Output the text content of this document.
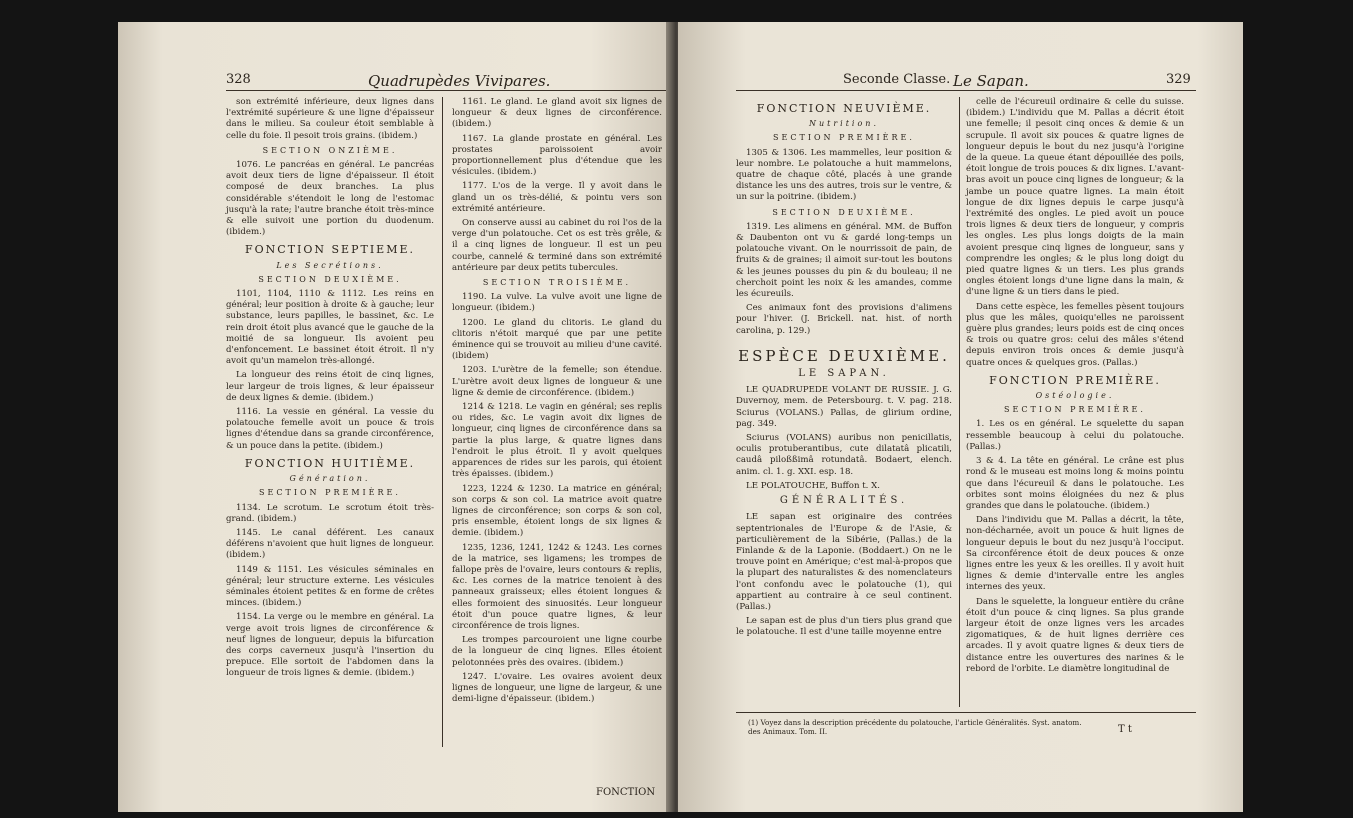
328	Quadrupèdes Vivipares.

son extrémité inférieure, deux lignes dans l'extrémité supérieure & une ligne d'épaisseur dans le milieu. Sa couleur étoit semblable à celle du foie. Il pesoit trois grains. (ibidem.)

SECTION ONZIÈME.

1076. Le pancréas en général. Le pancréas avoit deux tiers de ligne d'épaisseur. Il étoit composé de deux branches. La plus considérable s'étendoit le long de l'estomac jusqu'à la rate; l'autre branche étoit très-mince & elle suivoit une portion du duodenum. (ibidem.)

FONCTION SEPTIEME.
Les Secrétions.
SECTION DEUXIÈME.

1101, 1104, 1110 & 1112. Les reins en général; leur position à droite & à gauche; leur substance, leurs papilles, le bassinet, &c. Le rein droit étoit plus avancé que le gauche de la moitié de sa longueur. Ils avoient peu d'enfoncement. Le bassinet étoit étroit. Il n'y avoit qu'un mamelon très-allongé.

La longueur des reins étoit de cinq lignes, leur largeur de trois lignes, & leur épaisseur de deux lignes & demie. (ibidem.)

1116. La vessie en général. La vessie du polatouche femelle avoit un pouce & trois lignes d'étendue dans sa grande circonférence, & un pouce dans la petite. (ibidem.)

FONCTION HUITIÈME.
Génération.
SECTION PREMIÈRE.

1134. Le scrotum. Le scrotum étoit très-grand. (ibidem.)

1145. Le canal déférent. Les canaux déférens n'avoient que huit lignes de longueur. (ibidem.)

1149 & 1151. Les vésicules séminales en général; leur structure externe. Les vésicules séminales étoient petites & en forme de crêtes minces. (ibidem.)

1154. La verge ou le membre en général. La verge avoit trois lignes de circonférence & neuf lignes de longueur, depuis la bifurcation des corps caverneux jusqu'à l'insertion du prepuce. Elle sortoit de l'abdomen dans la longueur de trois lignes & demie. (ibidem.)

1161. Le gland. Le gland avoit six lignes de longueur & deux lignes de circonférence. (ibidem.)

1167. La glande prostate en général. Les prostates paroissoient avoir proportionnellement plus d'étendue que les vésicules. (ibidem.)

1177. L'os de la verge. Il y avoit dans le gland un os très-délié, & pointu vers son extrémité antérieure.

On conserve aussi au cabinet du roi l'os de la verge d'un polatouche. Cet os est très grêle, & il a cinq lignes de longueur. Il est un peu courbe, cannelé & terminé dans son extrémité antérieure par deux petits tubercules.

SECTION TROISIÈME.

1190. La vulve. La vulve avoit une ligne de longueur. (ibidem.)

1200. Le gland du clitoris. Le gland du clitoris n'étoit marqué que par une petite éminence qui se trouvoit au milieu d'une cavité. (ibidem)

1203. L'urètre de la femelle; son étendue. L'urètre avoit deux lignes de longueur & une ligne & demie de circonférence. (ibidem.)

1214 & 1218. Le vagin en général; ses replis ou rides, &c. Le vagin avoit dix lignes de longueur, cinq lignes de circonférence dans sa partie la plus large, & quatre lignes dans l'endroit le plus étroit. Il y avoit quelques apparences de rides sur les parois, qui étoient très épaisses. (ibidem.)

1223, 1224 & 1230. La matrice en général; son corps & son col. La matrice avoit quatre lignes de circonférence; son corps & son col, pris ensemble, étoient longs de six lignes & demie. (ibidem.)

1235, 1236, 1241, 1242 & 1243. Les cornes de la matrice, ses ligamens; les trompes de fallope près de l'ovaire, leurs contours & replis, &c. Les cornes de la matrice tenoient à des panneaux graisseux; elles étoient longues & elles formoient des sinuosités. Leur longueur étoit d'un pouce quatre lignes, & leur circonférence de trois lignes.

Les trompes parcouroient une ligne courbe de la longueur de cinq lignes. Elles étoient pelotonnées près des ovaires. (ibidem.)

1247. L'ovaire. Les ovaires avoient deux lignes de longueur, une ligne de largeur, & une demi-ligne d'épaisseur. (ibidem.)

FONCTION
Seconde Classe. Le Sapan.	329
FONCTION NEUVIÈME.
Nutrition.
SECTION PREMIÈRE.

1305 & 1306. Les mammelles, leur position & leur nombre. Le polatouche a huit mammelons, quatre de chaque côté, placés à une grande distance les uns des autres, trois sur le ventre, & un sur la poitrine. (ibidem.)

SECTION DEUXIÈME.

1319. Les alimens en général. MM. de Buffon & Daubenton ont vu & gardé long-temps un polatouche vivant. On le nourrissoit de pain, de fruits & de graines; il aimoit sur-tout les boutons & les jeunes pousses du pin & du bouleau; il ne cherchoit point les noix & les amandes, comme les écureuils.

Ces animaux font des provisions d'alimens pour l'hiver. (J. Brickell. nat. hist. of north carolina, p. 129.)

ESPÈCE DEUXIÈME.
LE SAPAN.

LE QUADRUPEDE VOLANT DE RUSSIE. J. G. Duvernoy, mem. de Petersbourg. t. V. pag. 218. Sciurus (VOLANS.) Pallas, de glirium ordine, pag. 349.

Sciurus (VOLANS) auribus non penicillatis, oculis protuberantibus, cute dilatatâ plicatili, caudâ piloßßimâ rotundatâ. Bodaert, elench. anim. cl. 1. g. XXI. esp. 18.

LE POLATOUCHE, Buffon t. X.

GÉNÉRALITÉS.

LE sapan est originaire des contrées septentrionales de l'Europe & de l'Asie, & particulièrement de la Sibérie, (Pallas.) de la Finlande & de la Laponie. (Boddaert.) On ne le trouve point en Amérique; c'est mal-à-propos que la plupart des naturalistes & des nomenclateurs l'ont confondu avec le polatouche (1), qui appartient au contraire à ce seul continent. (Pallas.)

Le sapan est de plus d'un tiers plus grand que le polatouche. Il est d'une taille moyenne entre

celle de l'écureuil ordinaire & celle du suisse. (ibidem.) L'individu que M. Pallas a décrit étoit une femelle; il pesoit cinq onces & demie & un scrupule. Il avoit six pouces & quatre lignes de longueur depuis le bout du nez jusqu'à l'origine de la queue. La queue étant dépouillée des poils, étoit longue de trois pouces & dix lignes. L'avant-bras avoit un pouce cinq lignes de longueur; & la jambe un pouce quatre lignes. La main étoit longue de dix lignes depuis le carpe jusqu'à l'extrémité des ongles. Le pied avoit un pouce trois lignes & deux tiers de longueur, y compris les ongles. Les plus longs doigts de la main avoient presque cinq lignes de longueur, sans y comprendre les ongles; & le plus long doigt du pied quatre lignes & un tiers. Les plus grands ongles étoient longs d'une ligne dans la main, & d'une ligne & un tiers dans le pied.

Dans cette espèce, les femelles pèsent toujours plus que les mâles, quoiqu'elles ne paroissent guère plus grandes; leurs poids est de cinq onces & trois ou quatre gros: celui des mâles s'étend depuis environ trois onces & demie jusqu'à quatre onces & quelques gros. (Pallas.)

FONCTION PREMIÈRE.
Ostéologie.
SECTION PREMIÈRE.

1. Les os en général. Le squelette du sapan ressemble beaucoup à celui du polatouche. (Pallas.)

3 & 4. La tête en général. Le crâne est plus rond & le museau est moins long & moins pointu que dans l'écureuil & dans le polatouche. Les orbites sont moins éloignées du nez & plus grandes que dans le polatouche. (ibidem.)

Dans l'individu que M. Pallas a décrit, la tête, non-décharnée, avoit un pouce & huit lignes de longueur depuis le bout du nez jusqu'à l'occiput. Sa circonférence étoit de deux pouces & onze lignes entre les yeux & les oreilles. Il y avoit huit lignes & demie d'intervalle entre les angles internes des yeux.

Dans le squelette, la longueur entière du crâne étoit d'un pouce & cinq lignes. Sa plus grande largeur étoit de onze lignes vers les arcades zigomatiques, & de huit lignes derrière ces arcades. Il y avoit quatre lignes & deux tiers de distance entre les ouvertures des narines & le rebord de l'orbite. Le diamètre longitudinal de

(1) Voyez dans la description précédente du polatouche, l'article Généralités. Syst. anatom. des Animaux. Tom. II.	T t
